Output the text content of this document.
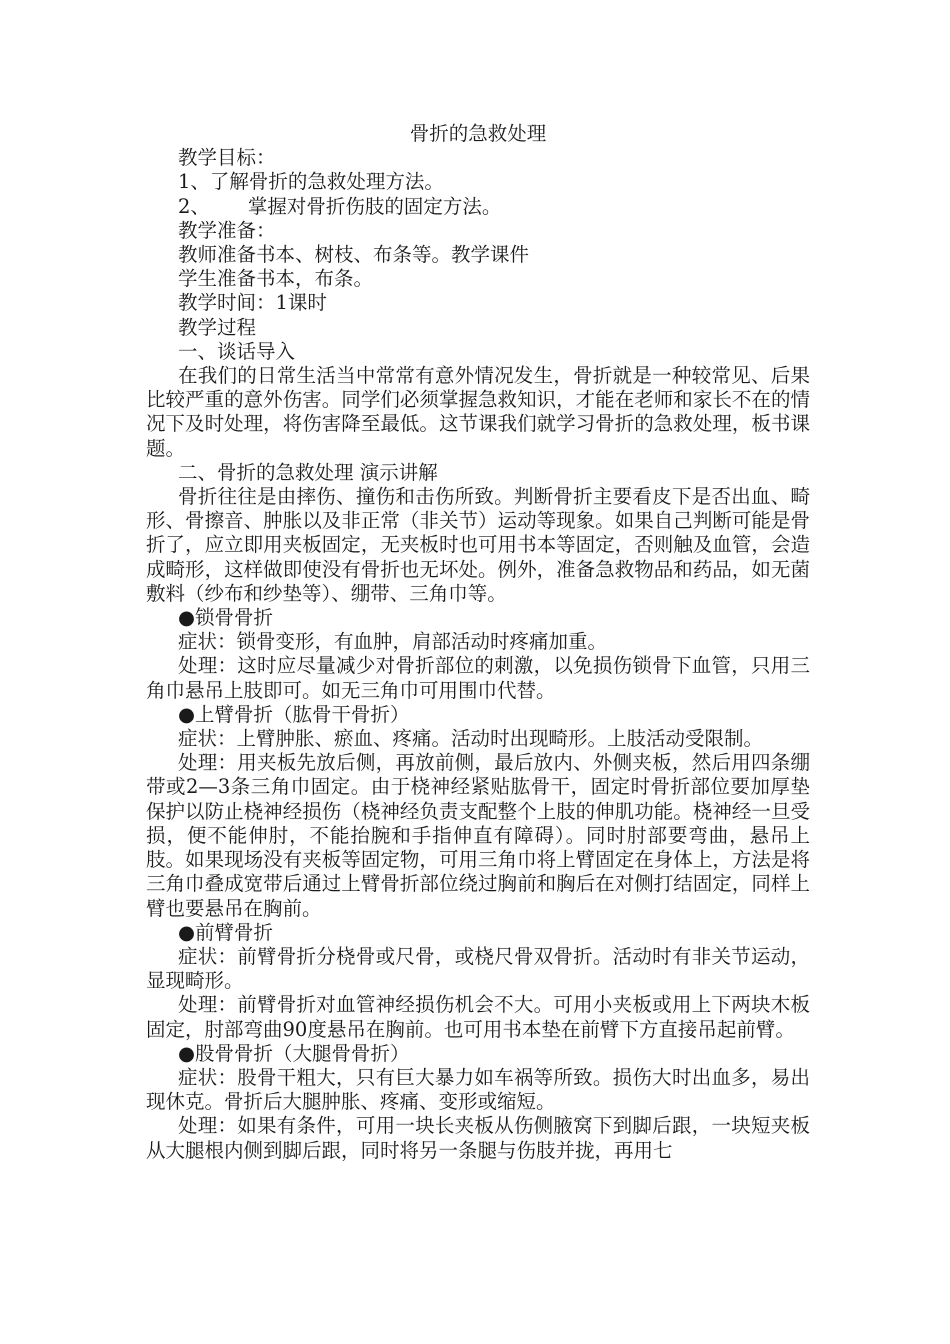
骨折的急救处理

教学目标：

1、了解骨折的急救处理方法。

2、 掌握对骨折伤肢的固定方法。

教学准备：

教师准备书本、树枝、布条等。教学课件

学生准备书本，布条。

教学时间：1课时

教学过程

一、谈话导入

在我们的日常生活当中常常有意外情况发生，骨折就是一种较常见、后果比较严重的意外伤害。同学们必须掌握急救知识，才能在老师和家长不在的情况下及时处理，将伤害降至最低。这节课我们就学习骨折的急救处理，板书课题。

二、骨折的急救处理 演示讲解

骨折往往是由摔伤、撞伤和击伤所致。判断骨折主要看皮下是否出血、畸形、骨擦音、肿胀以及非正常（非关节）运动等现象。如果自己判断可能是骨折了，应立即用夹板固定，无夹板时也可用书本等固定，否则触及血管，会造成畸形，这样做即使没有骨折也无坏处。例外，准备急救物品和药品，如无菌敷料（纱布和纱垫等）、绷带、三角巾等。

●锁骨骨折

症状：锁骨变形，有血肿，肩部活动时疼痛加重。

处理：这时应尽量减少对骨折部位的刺激，以免损伤锁骨下血管，只用三角巾悬吊上肢即可。如无三角巾可用围巾代替。

●上臂骨折（肱骨干骨折）

症状：上臂肿胀、瘀血、疼痛。活动时出现畸形。上肢活动受限制。

处理：用夹板先放后侧，再放前侧，最后放内、外侧夹板，然后用四条绷带或2—3条三角巾固定。由于桡神经紧贴肱骨干，固定时骨折部位要加厚垫保护以防止桡神经损伤（桡神经负责支配整个上肢的伸肌功能。桡神经一旦受损，便不能伸肘，不能抬腕和手指伸直有障碍）。同时肘部要弯曲，悬吊上肢。如果现场没有夹板等固定物，可用三角巾将上臂固定在身体上，方法是将三角巾叠成宽带后通过上臂骨折部位绕过胸前和胸后在对侧打结固定，同样上臂也要悬吊在胸前。

●前臂骨折

症状：前臂骨折分桡骨或尺骨，或桡尺骨双骨折。活动时有非关节运动，显现畸形。

处理：前臂骨折对血管神经损伤机会不大。可用小夹板或用上下两块木板固定，肘部弯曲90度悬吊在胸前。也可用书本垫在前臂下方直接吊起前臂。

●股骨骨折（大腿骨骨折）

症状：股骨干粗大，只有巨大暴力如车祸等所致。损伤大时出血多，易出现休克。骨折后大腿肿胀、疼痛、变形或缩短。

处理：如果有条件，可用一块长夹板从伤侧腋窝下到脚后跟，一块短夹板从大腿根内侧到脚后跟，同时将另一条腿与伤肢并拢，再用七
